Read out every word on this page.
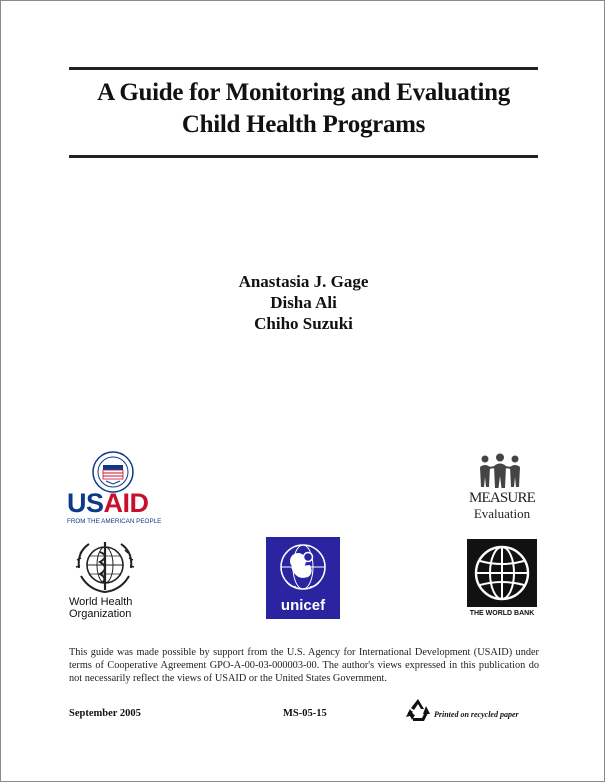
A Guide for Monitoring and Evaluating
Child Health Programs
Anastasia J. Gage
Disha Ali
Chiho Suzuki
USAID
FROM THE AMERICAN PEOPLE
MEASURE
Evaluation
World Health
Organization	unicef	THE WORLD BANK
This guide was made possible by support from the U.S. Agency for International Development (USAID) under terms of Cooperative Agreement GPO-A-00-03-000003-00. The author's views expressed in this publication do not necessarily reflect the views of USAID or the United States Government.
September 2005	MS-05-15	Printed on recycled paper
